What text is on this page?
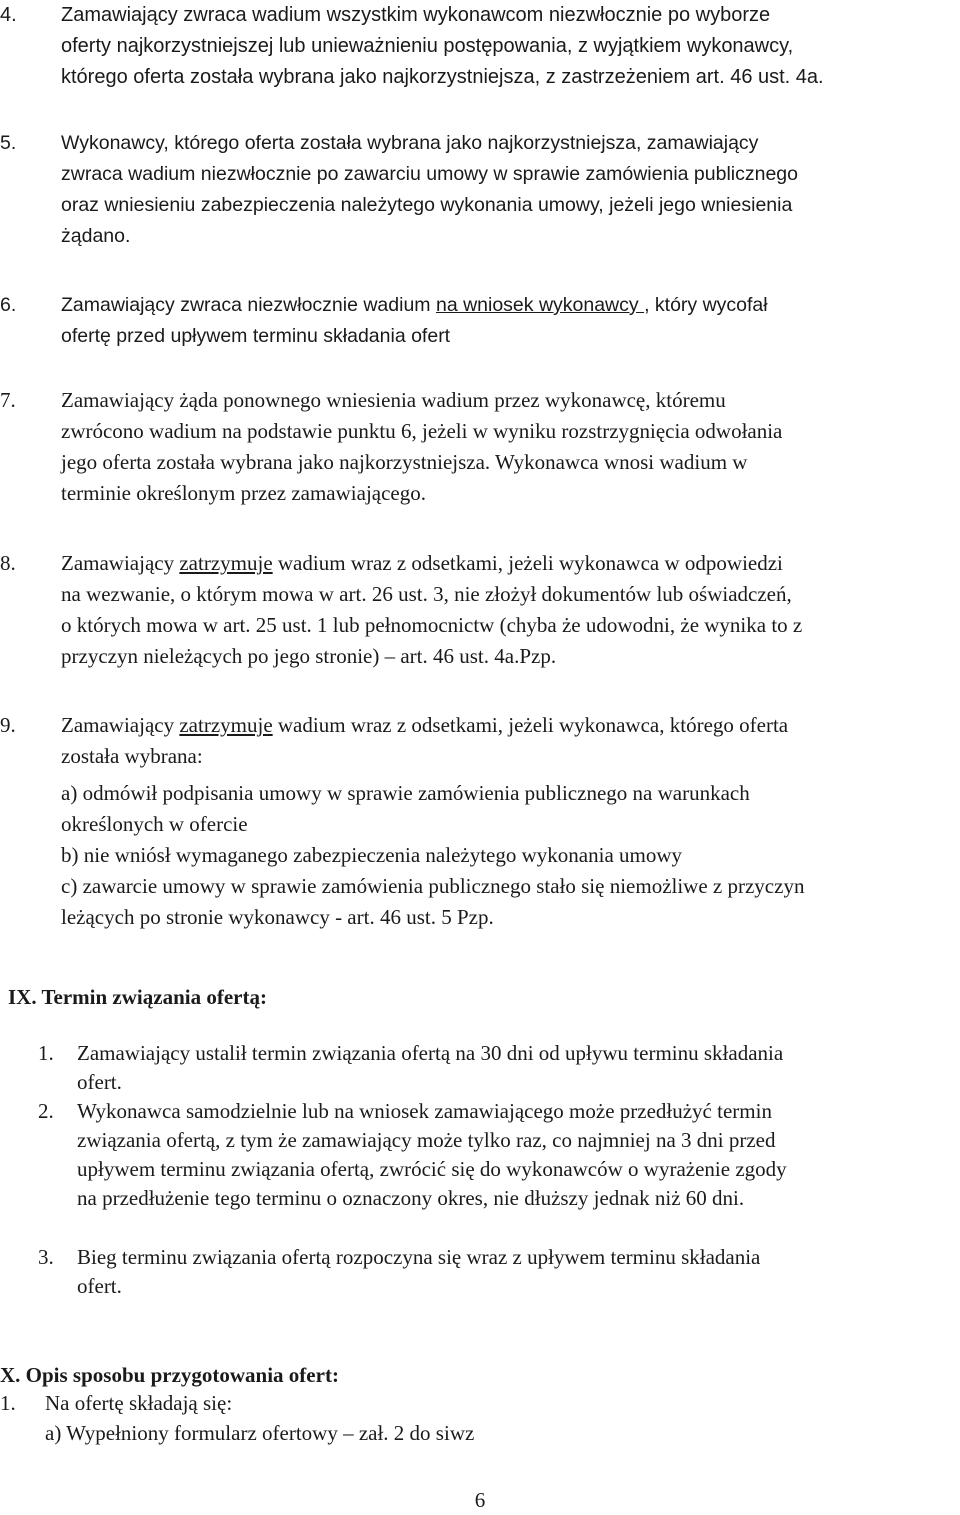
4. Zamawiający zwraca wadium wszystkim wykonawcom niezwłocznie po wyborze
oferty najkorzystniejszej lub unieważnieniu postępowania, z wyjątkiem wykonawcy,
którego oferta została wybrana jako najkorzystniejsza, z zastrzeżeniem art. 46 ust. 4a.
5. Wykonawcy, którego oferta została wybrana jako najkorzystniejsza, zamawiający
zwraca wadium niezwłocznie po zawarciu umowy w sprawie zamówienia publicznego
oraz wniesieniu zabezpieczenia należytego wykonania umowy, jeżeli jego wniesienia
żądano.
6. Zamawiający zwraca niezwłocznie wadium na wniosek wykonawcy , który wycofał
ofertę przed upływem terminu składania ofert
7. Zamawiający żąda ponownego wniesienia wadium przez wykonawcę, któremu
zwrócono wadium na podstawie punktu 6, jeżeli w wyniku rozstrzygnięcia odwołania
jego oferta została wybrana jako najkorzystniejsza. Wykonawca wnosi wadium w
terminie określonym przez zamawiającego.
8. Zamawiający zatrzymuje wadium wraz z odsetkami, jeżeli wykonawca w odpowiedzi
na wezwanie, o którym mowa w art. 26 ust. 3, nie złożył dokumentów lub oświadczeń,
o których mowa w art. 25 ust. 1 lub pełnomocnictw (chyba że udowodni, że wynika to z
przyczyn nieleżących po jego stronie) – art. 46 ust. 4a.Pzp.
9. Zamawiający zatrzymuje wadium wraz z odsetkami, jeżeli wykonawca, którego oferta
została wybrana:
a) odmówił podpisania umowy w sprawie zamówienia publicznego na warunkach
określonych w ofercie
b) nie wniósł wymaganego zabezpieczenia należytego wykonania umowy
c) zawarcie umowy w sprawie zamówienia publicznego stało się niemożliwe z przyczyn
leżących po stronie wykonawcy - art. 46 ust. 5 Pzp.
IX. Termin związania ofertą:
1. Zamawiający ustalił termin związania ofertą na 30 dni od upływu terminu składania
ofert.
2. Wykonawca samodzielnie lub na wniosek zamawiającego może przedłużyć termin
związania ofertą, z tym że zamawiający może tylko raz, co najmniej na 3 dni przed
upływem terminu związania ofertą, zwrócić się do wykonawców o wyrażenie zgody
na przedłużenie tego terminu o oznaczony okres, nie dłuższy jednak niż 60 dni.
3. Bieg terminu związania ofertą rozpoczyna się wraz z upływem terminu składania
ofert.
X. Opis sposobu przygotowania ofert:
1. Na ofertę składają się:
a) Wypełniony formularz ofertowy – zał. 2 do siwz
6
